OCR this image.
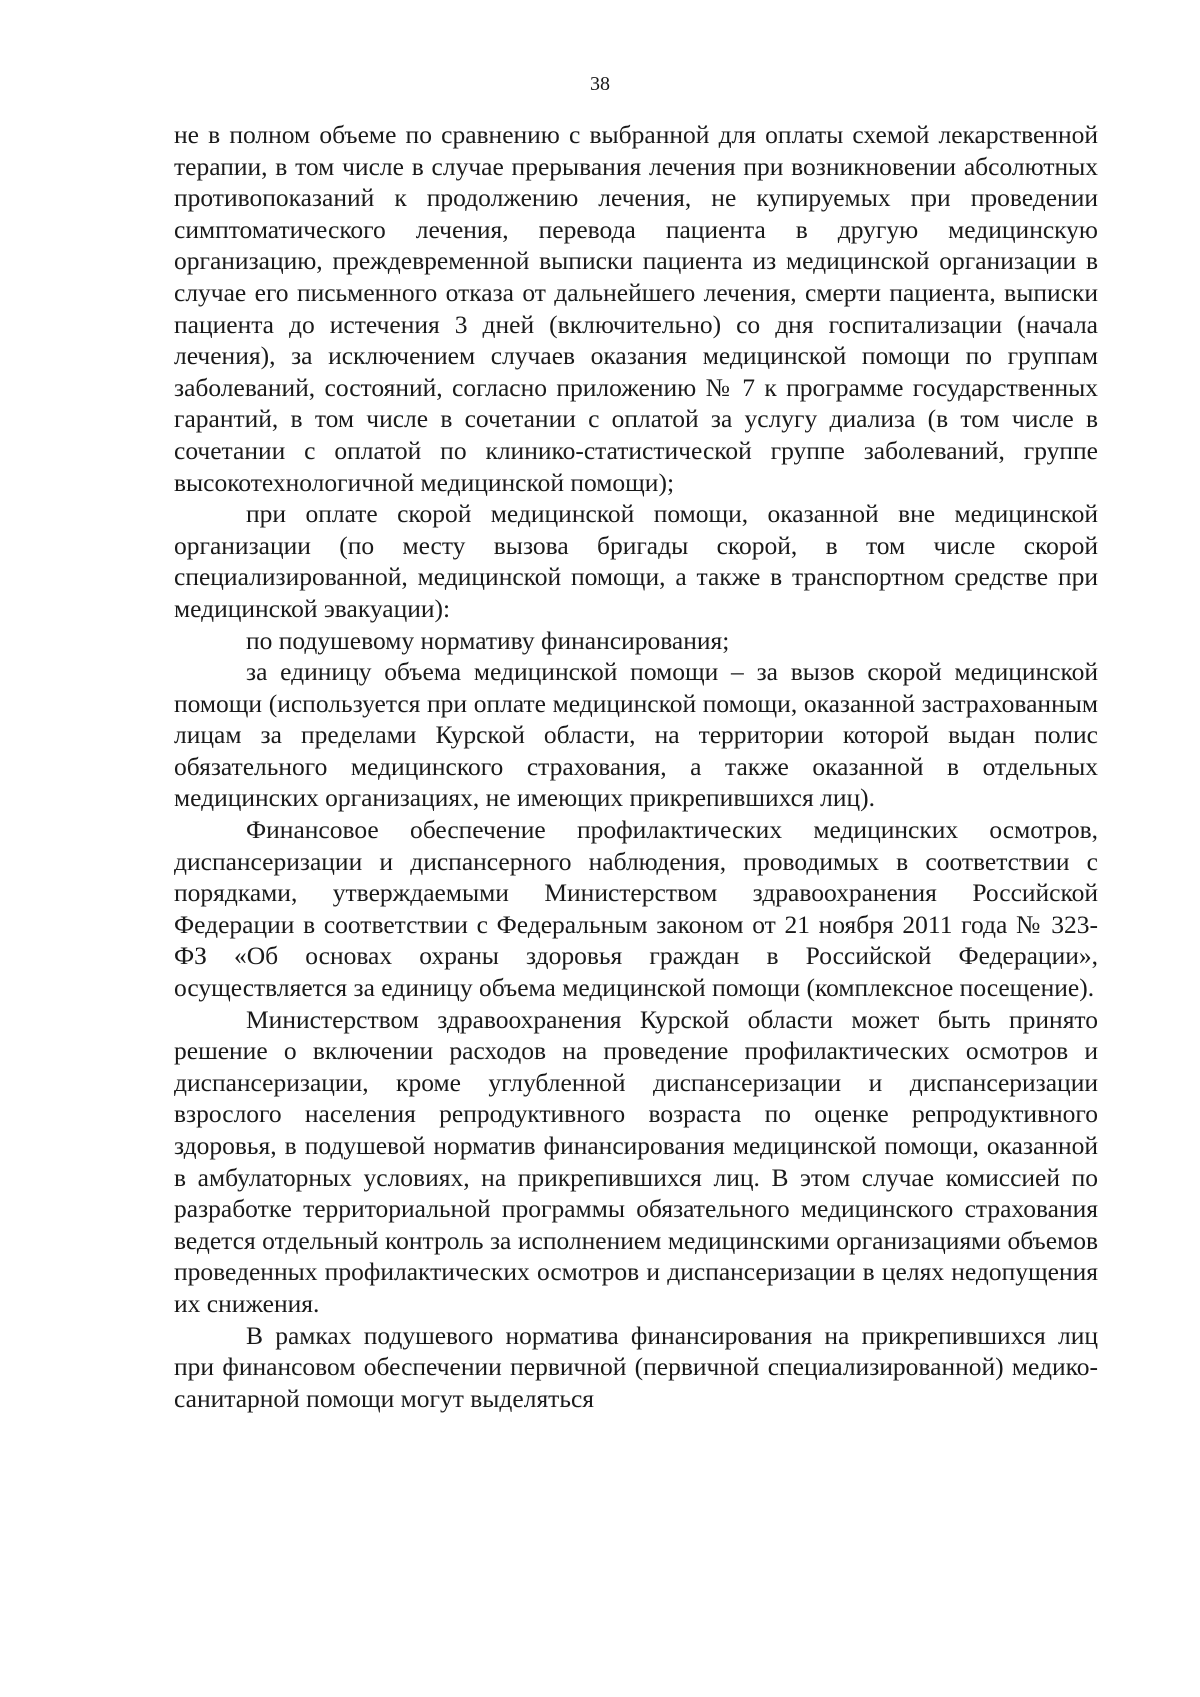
38

не в полном объеме по сравнению с выбранной для оплаты схемой лекарственной терапии, в том числе в случае прерывания лечения при возникновении абсолютных противопоказаний к продолжению лечения, не купируемых при проведении симптоматического лечения, перевода пациента в другую медицинскую организацию, преждевременной выписки пациента из медицинской организации в случае его письменного отказа от дальнейшего лечения, смерти пациента, выписки пациента до истечения 3 дней (включительно) со дня госпитализации (начала лечения), за исключением случаев оказания медицинской помощи по группам заболеваний, состояний, согласно приложению № 7 к программе государственных гарантий, в том числе в сочетании с оплатой за услугу диализа (в том числе в сочетании с оплатой по клинико-статистической группе заболеваний, группе высокотехнологичной медицинской помощи);

при оплате скорой медицинской помощи, оказанной вне медицинской организации (по месту вызова бригады скорой, в том числе скорой специализированной, медицинской помощи, а также в транспортном средстве при медицинской эвакуации):

по подушевому нормативу финансирования;

за единицу объема медицинской помощи – за вызов скорой медицинской помощи (используется при оплате медицинской помощи, оказанной застрахованным лицам за пределами Курской области, на территории которой выдан полис обязательного медицинского страхования, а также оказанной в отдельных медицинских организациях, не имеющих прикрепившихся лиц).

Финансовое обеспечение профилактических медицинских осмотров, диспансеризации и диспансерного наблюдения, проводимых в соответствии с порядками, утверждаемыми Министерством здравоохранения Российской Федерации в соответствии с Федеральным законом от 21 ноября 2011 года № 323-ФЗ «Об основах охраны здоровья граждан в Российской Федерации», осуществляется за единицу объема медицинской помощи (комплексное посещение).

Министерством здравоохранения Курской области может быть принято решение о включении расходов на проведение профилактических осмотров и диспансеризации, кроме углубленной диспансеризации и диспансеризации взрослого населения репродуктивного возраста по оценке репродуктивного здоровья, в подушевой норматив финансирования медицинской помощи, оказанной в амбулаторных условиях, на прикрепившихся лиц. В этом случае комиссией по разработке территориальной программы обязательного медицинского страхования ведется отдельный контроль за исполнением медицинскими организациями объемов проведенных профилактических осмотров и диспансеризации в целях недопущения их снижения.

В рамках подушевого норматива финансирования на прикрепившихся лиц при финансовом обеспечении первичной (первичной специализированной) медико-санитарной помощи могут выделяться
